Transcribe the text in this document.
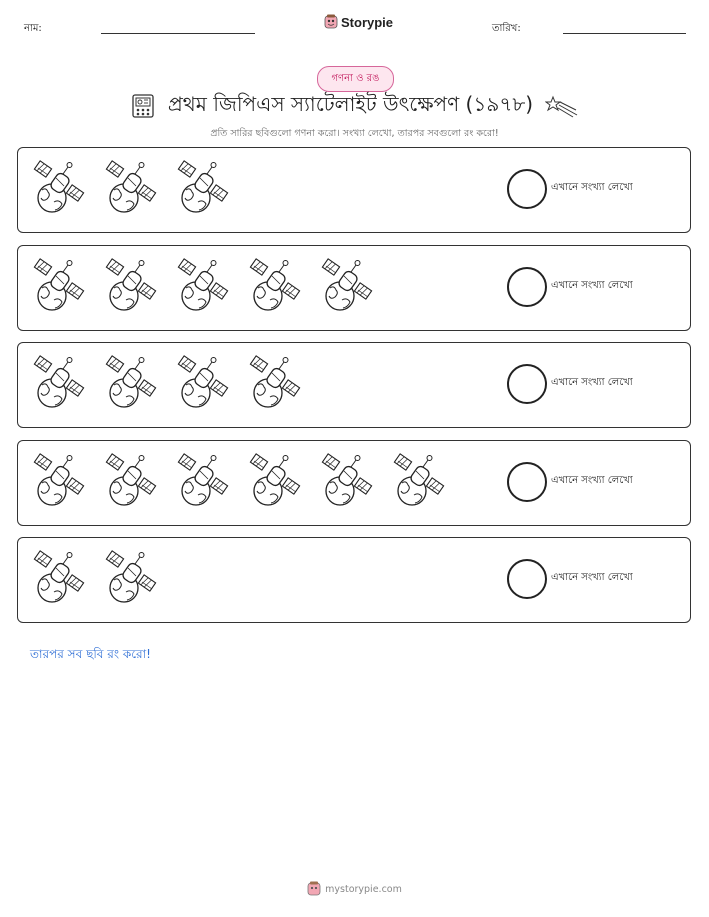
নাম:	Storypie	তারিখ:
গণনা ও রঙ
প্রথম জিপিএস স্যাটেলাইট উৎক্ষেপণ (১৯৭৮)
প্রতি সারির ছবিগুলো গণনা করো। সংখ্যা লেখো, তারপর সবগুলো রং করো!
এখানে সংখ্যা লেখো
এখানে সংখ্যা লেখো
এখানে সংখ্যা লেখো
এখানে সংখ্যা লেখো
এখানে সংখ্যা লেখো
তারপর সব ছবি রং করো!
mystorypie.com
